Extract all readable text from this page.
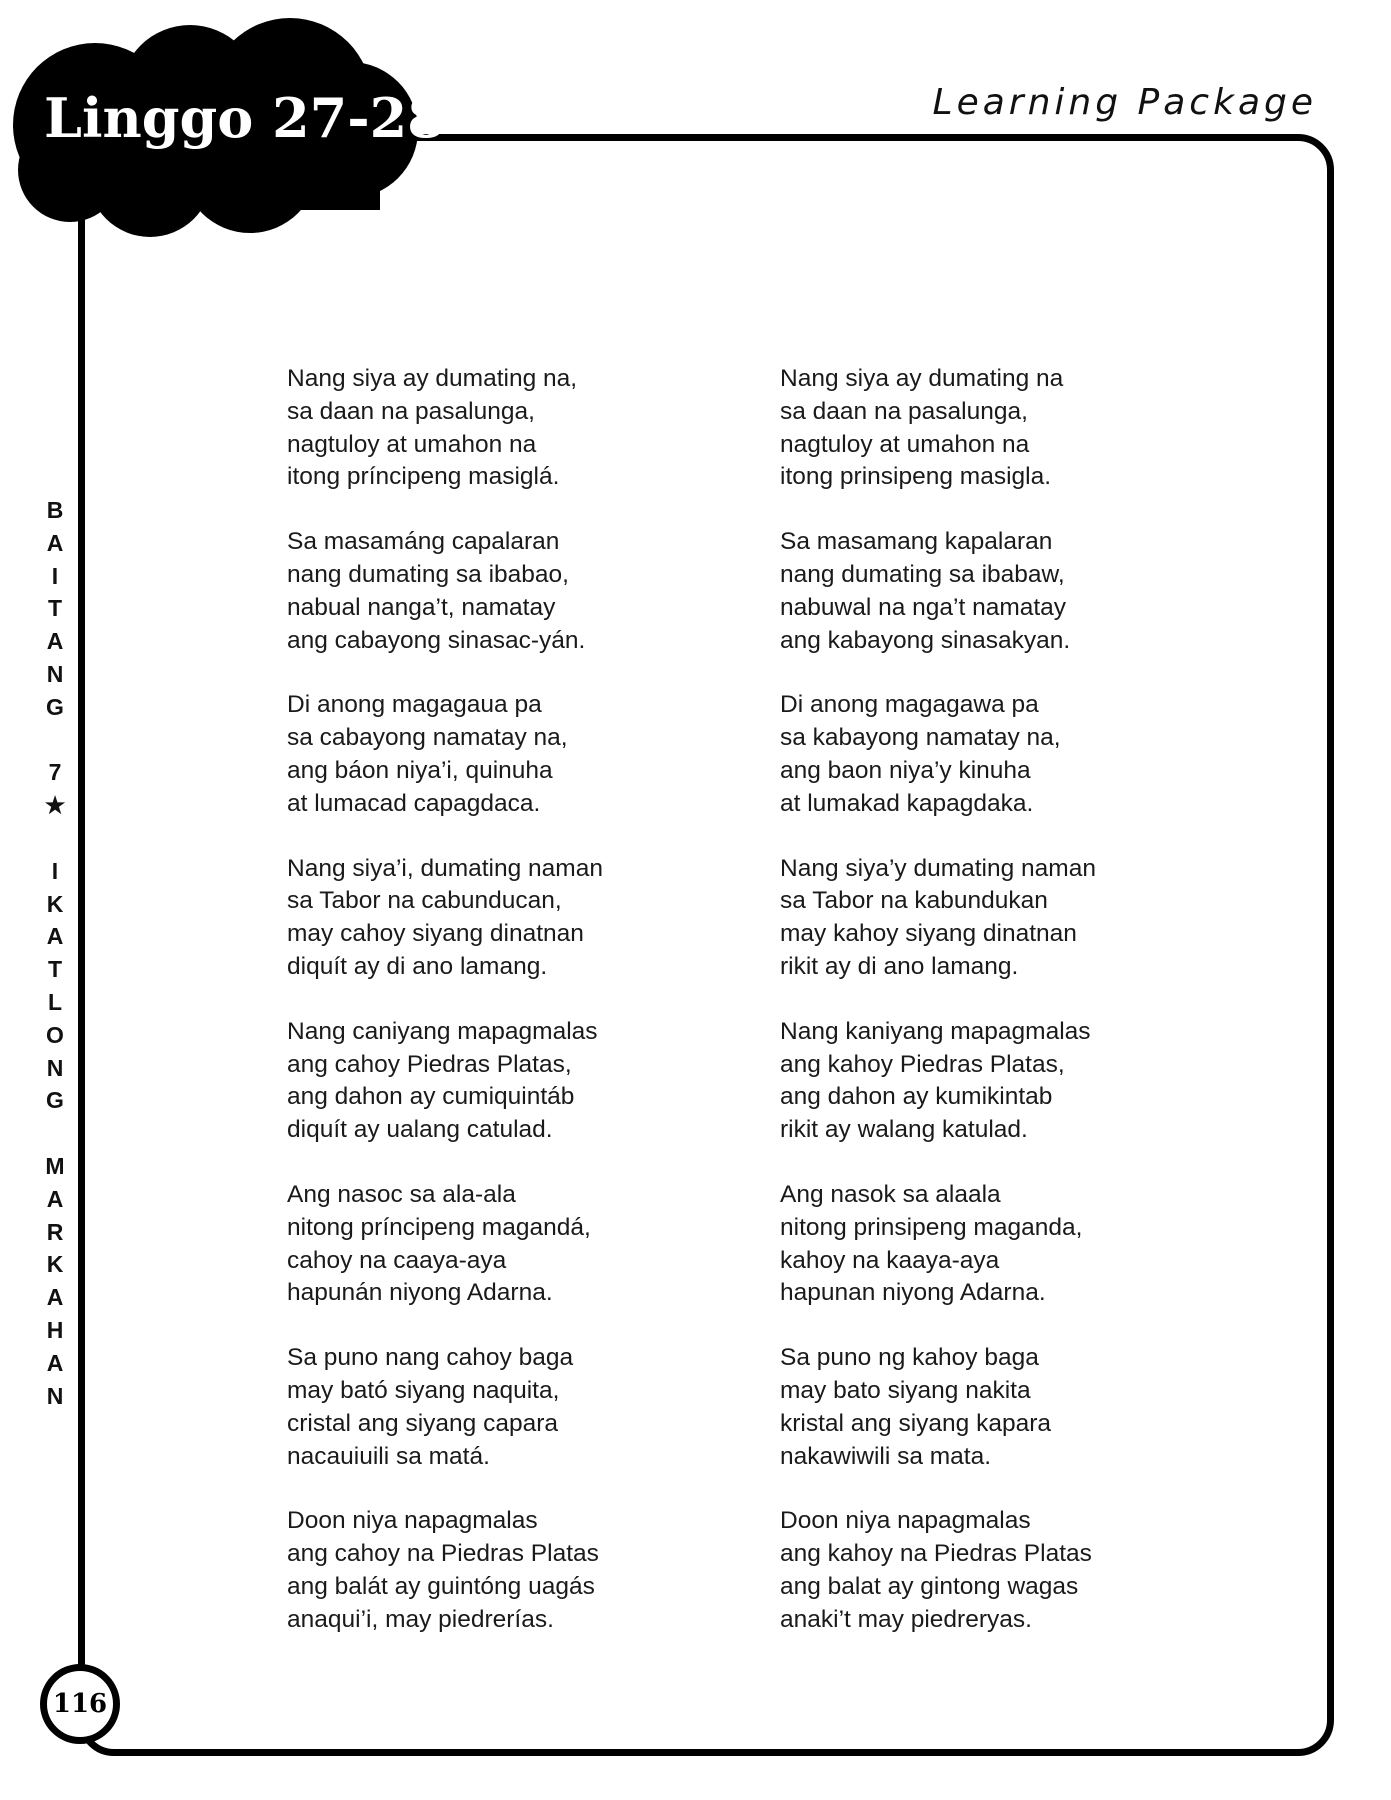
Linggo 27-28	Learning Package
B
A
I
T
A
N
G
7
★
I
K
A
T
L
O
N
G
M
A
R
K
A
H
A
N
116
Nang siya ay dumating na,
sa daan na pasalunga,
nagtuloy at umahon na
itong príncipeng masiglá.
Sa masamáng capalaran
nang dumating sa ibabao,
nabual nanga’t, namatay
ang cabayong sinasac-yán.
Di anong magagaua pa
sa cabayong namatay na,
ang báon niya’i, quinuha
at lumacad capagdaca.
Nang siya’i, dumating naman
sa Tabor na cabunducan,
may cahoy siyang dinatnan
diquít ay di ano lamang.
Nang caniyang mapagmalas
ang cahoy Piedras Platas,
ang dahon ay cumiquintáb
diquít ay ualang catulad.
Ang nasoc sa ala-ala
nitong príncipeng magandá,
cahoy na caaya-aya
hapunán niyong Adarna.
Sa puno nang cahoy baga
may bató siyang naquita,
cristal ang siyang capara
nacauiuili sa matá.
Doon niya napagmalas
ang cahoy na Piedras Platas
ang balát ay guintóng uagás
anaqui’i, may piedrerías.
Nang siya ay dumating na
sa daan na pasalunga,
nagtuloy at umahon na
itong prinsipeng masigla.
Sa masamang kapalaran
nang dumating sa ibabaw,
nabuwal na nga’t namatay
ang kabayong sinasakyan.
Di anong magagawa pa
sa kabayong namatay na,
ang baon niya’y kinuha
at lumakad kapagdaka.
Nang siya’y dumating naman
sa Tabor na kabundukan
may kahoy siyang dinatnan
rikit ay di ano lamang.
Nang kaniyang mapagmalas
ang kahoy Piedras Platas,
ang dahon ay kumikintab
rikit ay walang katulad.
Ang nasok sa alaala
nitong prinsipeng maganda,
kahoy na kaaya-aya
hapunan niyong Adarna.
Sa puno ng kahoy baga
may bato siyang nakita
kristal ang siyang kapara
nakawiwili sa mata.
Doon niya napagmalas
ang kahoy na Piedras Platas
ang balat ay gintong wagas
anaki’t may piedreryas.
